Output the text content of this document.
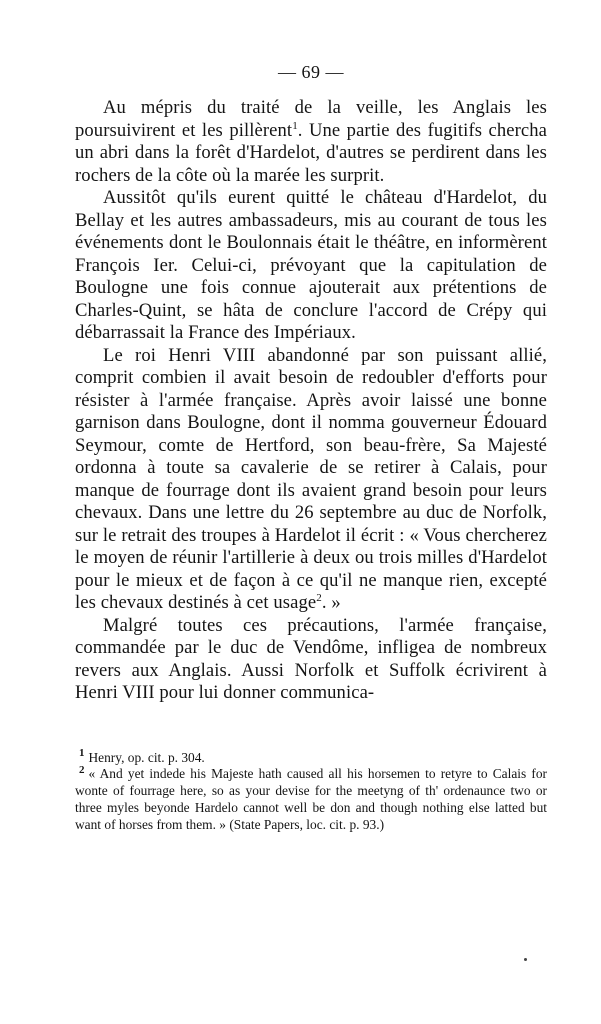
— 69 —

Au mépris du traité de la veille, les Anglais les poursuivirent et les pillèrent$^1$. Une partie des fugitifs chercha un abri dans la forêt d'Hardelot, d'autres se perdirent dans les rochers de la côte où la marée les surprit.

Aussitôt qu'ils eurent quitté le château d'Hardelot, du Bellay et les autres ambassadeurs, mis au courant de tous les événements dont le Boulonnais était le théâtre, en informèrent François Ier. Celui-ci, prévoyant que la capitulation de Boulogne une fois connue ajouterait aux prétentions de Charles-Quint, se hâta de conclure l'accord de Crépy qui débarrassait la France des Impériaux.

Le roi Henri VIII abandonné par son puissant allié, comprit combien il avait besoin de redoubler d'efforts pour résister à l'armée française. Après avoir laissé une bonne garnison dans Boulogne, dont il nomma gouverneur Édouard Seymour, comte de Hertford, son beau-frère, Sa Majesté ordonna à toute sa cavalerie de se retirer à Calais, pour manque de fourrage dont ils avaient grand besoin pour leurs chevaux. Dans une lettre du 26 septembre au duc de Norfolk, sur le retrait des troupes à Hardelot il écrit : « Vous chercherez le moyen de réunir l'artillerie à deux ou trois milles d'Hardelot pour le mieux et de façon à ce qu'il ne manque rien, excepté les chevaux destinés à cet usage$^2$. »

Malgré toutes ces précautions, l'armée française, commandée par le duc de Vendôme, infligea de nombreux revers aux Anglais. Aussi Norfolk et Suffolk écrivirent à Henri VIII pour lui donner communica-

$^1$ Henry, op. cit. p. 304.

$^2$ « And yet indede his Majeste hath caused all his horsemen to retyre to Calais for wonte of fourrage here, so as your devise for the meetyng of th' ordenaunce two or three myles beyonde Hardelo cannot well be don and though nothing else latted but want of horses from them. » (State Papers, loc. cit. p. 93.)
